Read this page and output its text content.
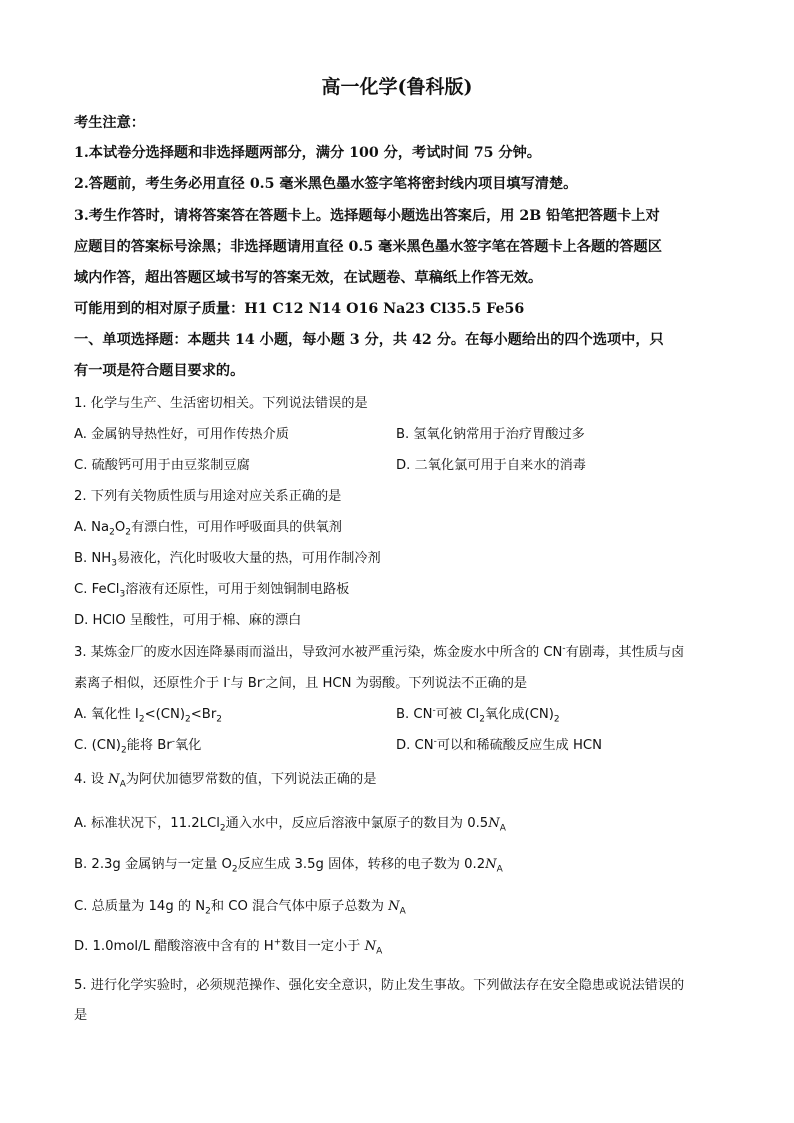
高一化学(鲁科版)
考生注意：
1.本试卷分选择题和非选择题两部分，满分 100 分，考试时间 75 分钟。
2.答题前，考生务必用直径 0.5 毫米黑色墨水签字笔将密封线内项目填写清楚。
3.考生作答时，请将答案答在答题卡上。选择题每小题选出答案后，用 2B 铅笔把答题卡上对
应题目的答案标号涂黑；非选择题请用直径 0.5 毫米黑色墨水签字笔在答题卡上各题的答题区
域内作答，超出答题区域书写的答案无效，在试题卷、草稿纸上作答无效。
可能用到的相对原子质量：H1 C12 N14 O16 Na23 Cl35.5 Fe56
一、单项选择题：本题共 14 小题，每小题 3 分，共 42 分。在每小题给出的四个选项中，只
有一项是符合题目要求的。
1. 化学与生产、生活密切相关。下列说法错误的是
A. 金属钠导热性好，可用作传热介质	B. 氢氧化钠常用于治疗胃酸过多
C. 硫酸钙可用于由豆浆制豆腐	D. 二氧化氯可用于自来水的消毒
2. 下列有关物质性质与用途对应关系正确的是
A. $Na_2O_2$有漂白性，可用作呼吸面具的供氧剂
B. $NH_3$易液化，汽化时吸收大量的热，可用作制冷剂
C. FeCl$_3$溶液有还原性，可用于刻蚀铜制电路板
D. HClO 呈酸性，可用于棉、麻的漂白
3. 某炼金厂的废水因连降暴雨而溢出，导致河水被严重污染，炼金废水中所含的 CN-有剧毒，其性质与卤
素离子相似，还原性介于 I-与 Br-之间，且 HCN 为弱酸。下列说法不正确的是
A. 氧化性 $I_2<(CN)_2<Br_2$	B. CN-可被 $Cl_2$氧化成$(CN)_2$
C. $(CN)_2$能将 Br-氧化	D. CN-可以和稀硫酸反应生成 HCN
4. 设 $N_A$为阿伏加德罗常数的值，下列说法正确的是
A. 标准状况下，11.2LCl$_2$通入水中，反应后溶液中氯原子的数目为 $0.5N_A$
B. 2.3g 金属钠与一定量 $O_2$反应生成 3.5g 固体，转移的电子数为 $0.2N_A$
C. 总质量为 14g 的 $N_2$和 CO 混合气体中原子总数为 $N_A$
D. 1.0mol/L 醋酸溶液中含有的 H+数目一定小于 $N_A$
5. 进行化学实验时，必须规范操作、强化安全意识，防止发生事故。下列做法存在安全隐患或说法错误的
是
